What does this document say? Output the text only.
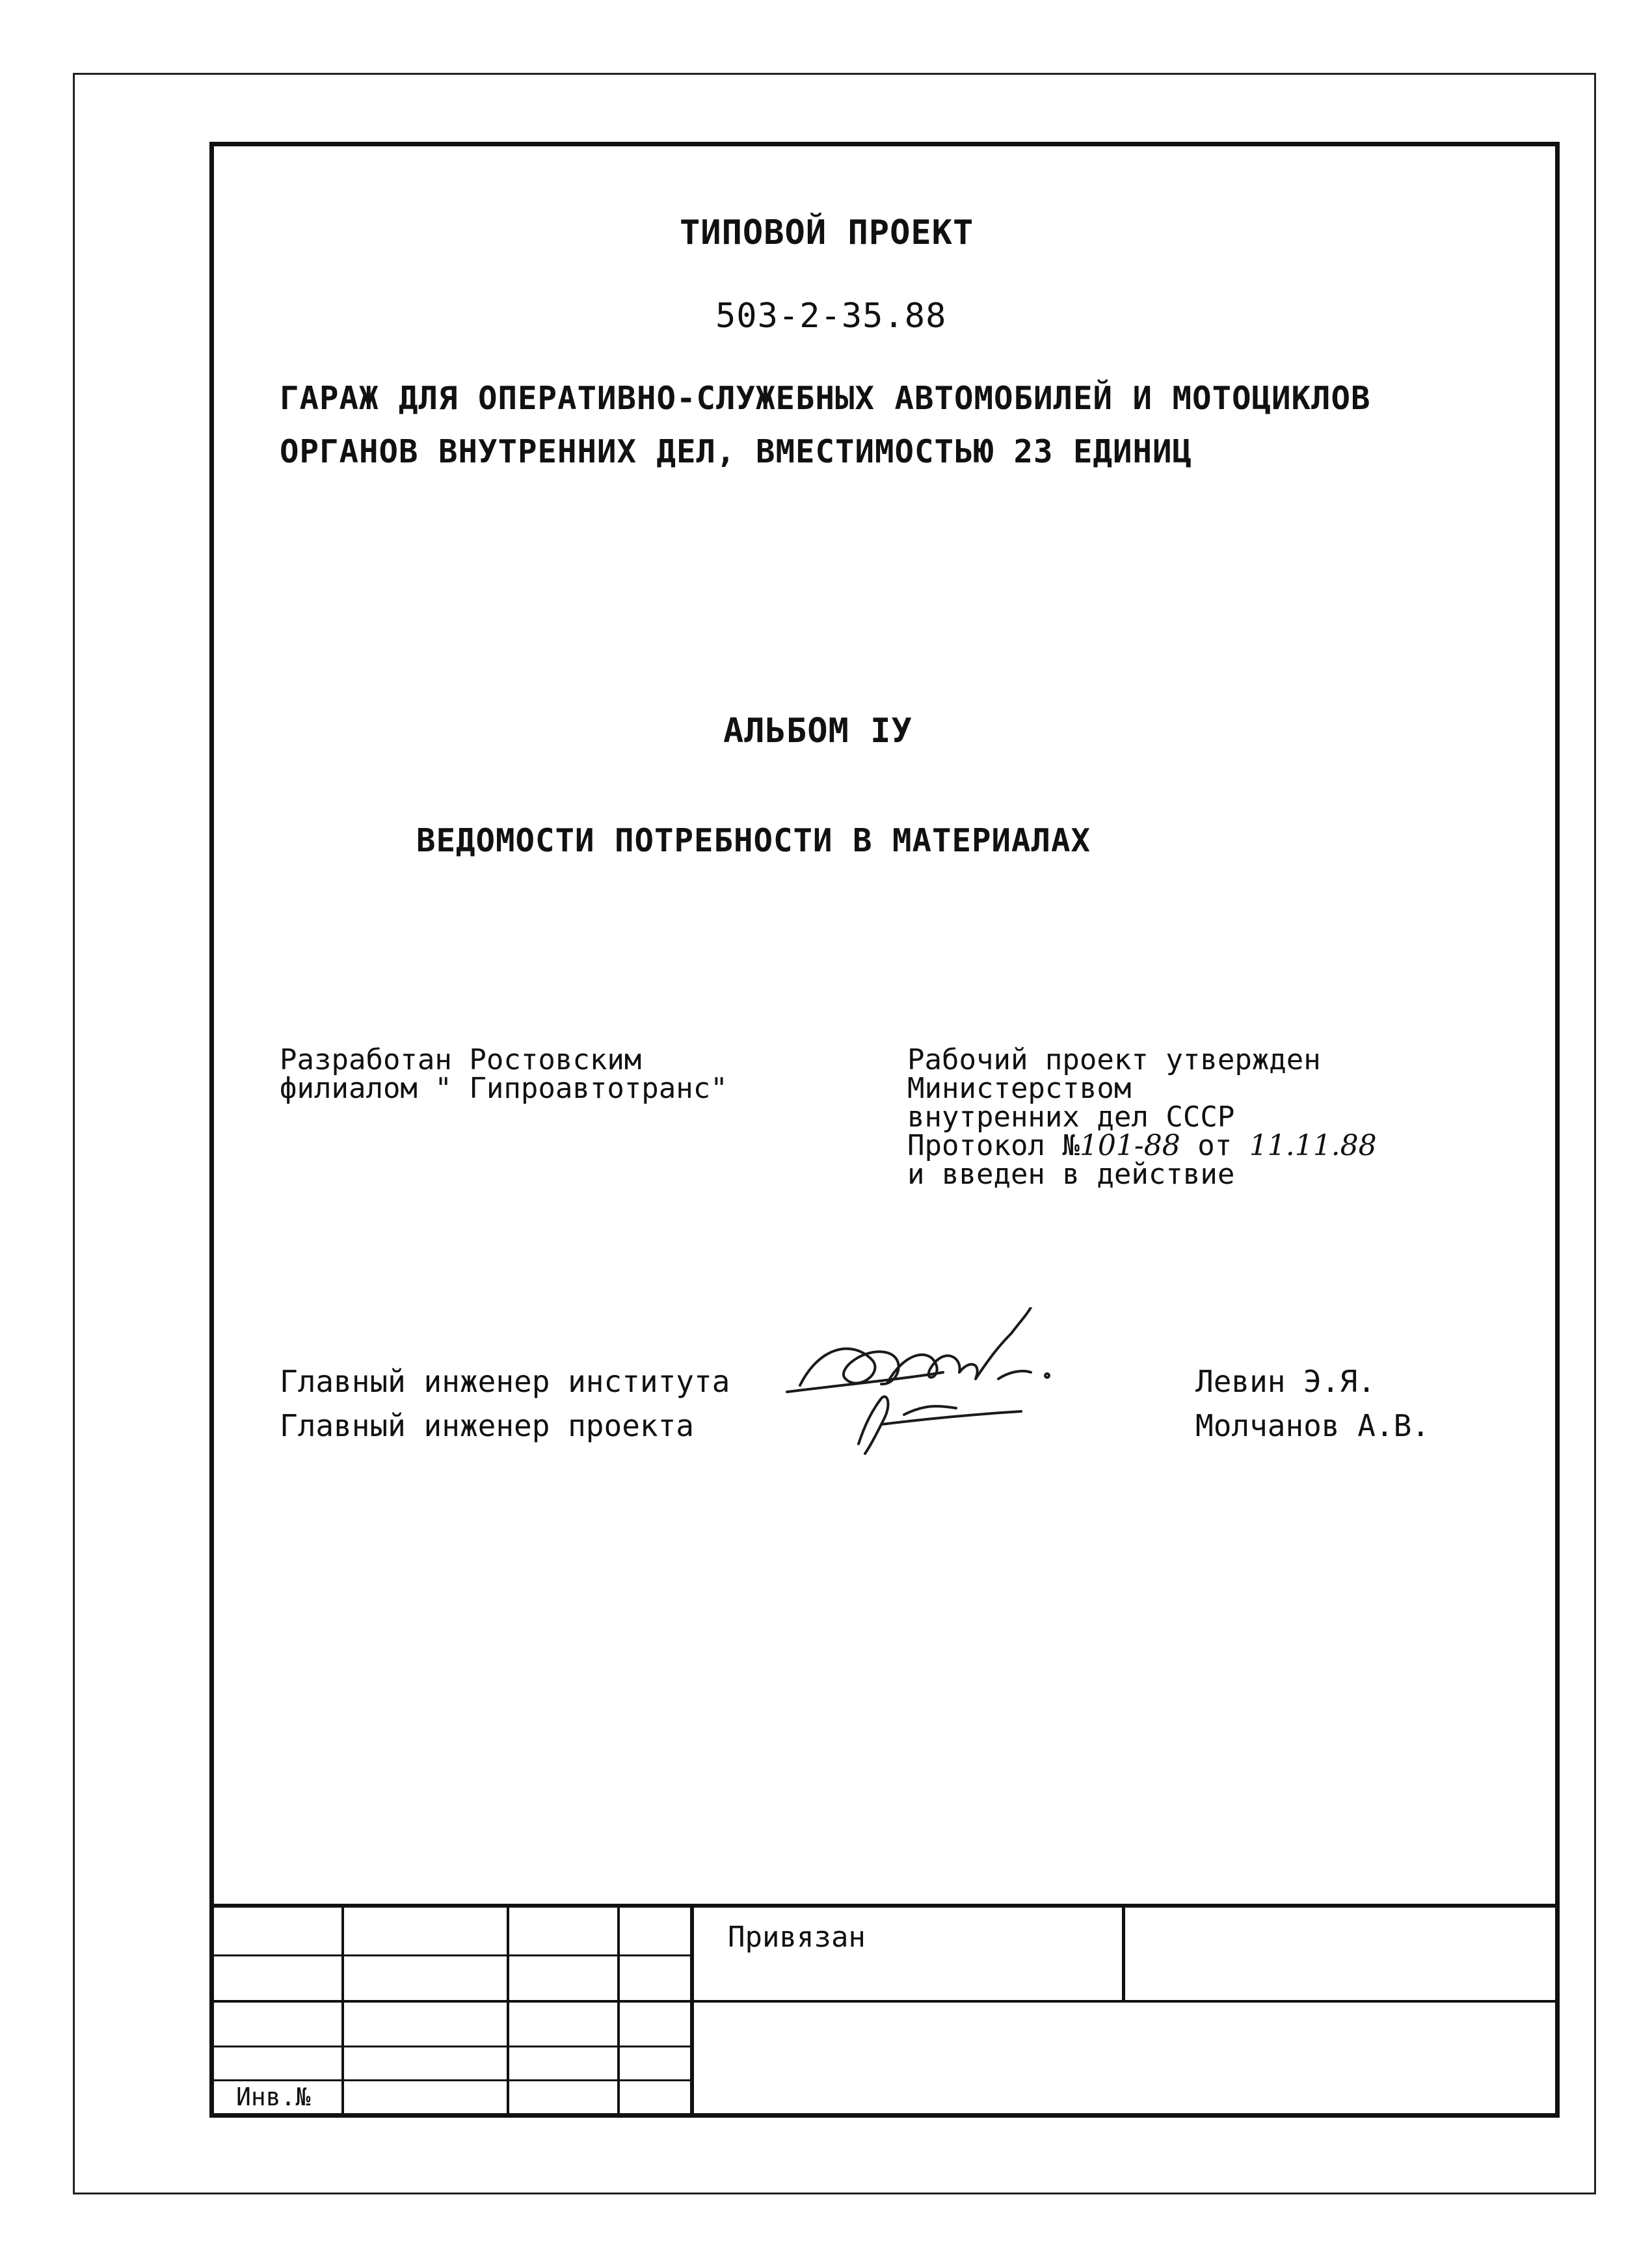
ТИПОВОЙ ПРОЕКТ
503-2-35.88
ГАРАЖ ДЛЯ ОПЕРАТИВНО-СЛУЖЕБНЫХ АВТОМОБИЛЕЙ И МОТОЦИКЛОВ
ОРГАНОВ ВНУТРЕННИХ ДЕЛ, ВМЕСТИМОСТЬЮ 23 ЕДИНИЦ
АЛЬБОМ IУ
ВЕДОМОСТИ ПОТРЕБНОСТИ В МАТЕРИАЛАХ
Разработан Ростовским
филиалом " Гипроавтотранс"
Рабочий проект утвержден
Министерством
внутренних дел СССР
Протокол №101-88 от 11.11.88
и введен в действие
Главный инженер института
Главный инженер проекта
Левин Э.Я.
Молчанов А.В.
Привязан
Инв.№
